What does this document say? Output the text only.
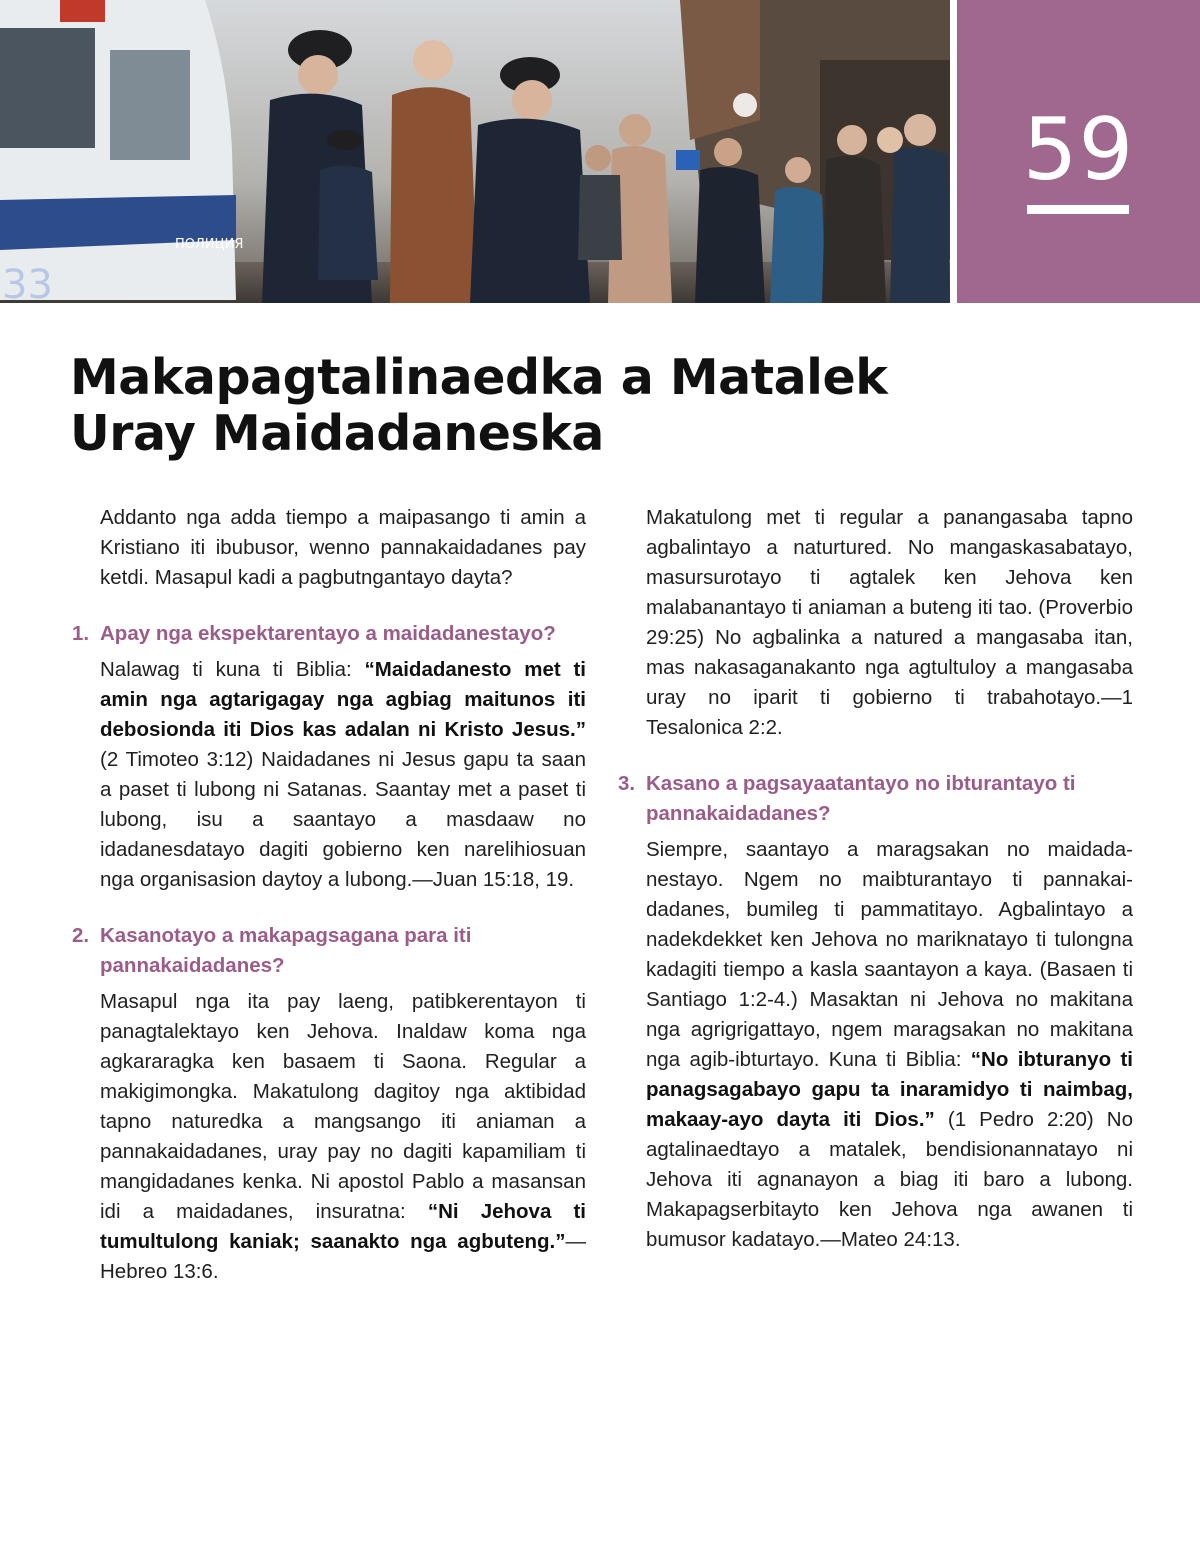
ПОЛИЦИЯ
33
59
Makapagtalinaedka a Matalek
Uray Maidadaneska

Addanto nga adda tiempo a maipasango ti amin a Kristiano iti ibubusor, wenno pannakaidadanes pay ketdi. Masapul kadi a pagbutngantayo dayta?

1. Apay nga ekspektarentayo a maidadanestayo?

Nalawag ti kuna ti Biblia: “Maidadanesto met ti amin nga agtarigagay nga agbiag maitunos iti debosionda iti Dios kas adalan ni Kristo Jesus.” (2 Timoteo 3:12) Naidadanes ni Jesus gapu ta saan a paset ti lubong ni Satanas. Saantay met a paset ti lubong, isu a saantayo a masdaaw no idadanesdatayo dagiti gobierno ken narelihiosuan nga organisasion daytoy a lubong.—Juan 15:18, 19.

2. Kasanotayo a makapagsagana para iti pannakaidadanes?

Masapul nga ita pay laeng, patibkerentayon ti panagtalektayo ken Jehova. Inaldaw koma nga agkararagka ken basaem ti Saona. Regular a makigimongka. Makatulong dagitoy nga aktibidad tapno naturedka a mangsango iti aniaman a pannakaidadanes, uray pay no dagiti kapamiliam ti mangidadanes kenka. Ni apostol Pablo a masansan idi a maidadanes, insuratna: “Ni Jehova ti tumultulong kaniak; saanakto nga agbuteng.”—Hebreo 13:6.

Makatulong met ti regular a panangasaba tapno agbalintayo a naturtured. No mangaskasabatayo, masursurotayo ti agtalek ken Jehova ken malabanantayo ti aniaman a buteng iti tao. (Proverbio 29:25) No agbalinka a natured a mangasaba itan, mas nakasaganakanto nga agtultuloy a mangasaba uray no iparit ti gobierno ti trabahotayo.—1 Tesalonica 2:2.

3. Kasano a pagsayaatantayo no ibturantayo ti pannakaidadanes?

Siempre, saantayo a maragsakan no maidadanestayo. Ngem no maibturantayo ti pannakaidadanes, bumileg ti pammatitayo. Agbalintayo a nadekdekket ken Jehova no mariknatayo ti tulongna kadagiti tiempo a kasla saantayon a kaya. (Basaen ti Santiago 1:2-4.) Masaktan ni Jehova no makitana nga agrigrigattayo, ngem maragsakan no makitana nga agib-ibturtayo. Kuna ti Biblia: “No ibturanyo ti panagsagabayo gapu ta inaramidyo ti naimbag, makaay-ayo dayta iti Dios.” (1 Pedro 2:20) No agtalinaedtayo a matalek, bendisionannatayo ni Jehova iti agnanayon a biag iti baro a lubong. Makapagserbitayto ken Jehova nga awanen ti bumusor kadatayo.—Mateo 24:13.
